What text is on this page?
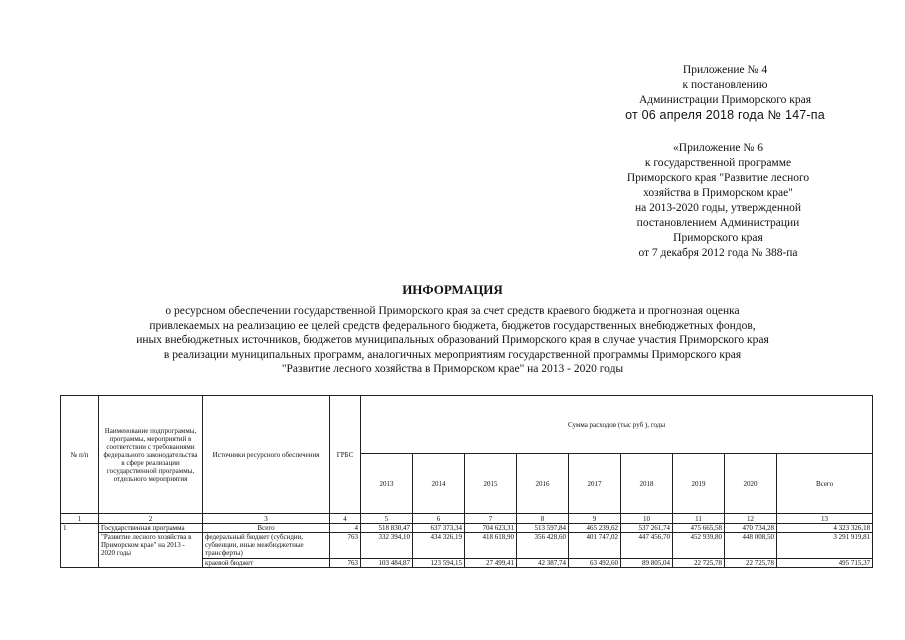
Приложение № 4
к постановлению
Администрации Приморского края
от 06 апреля 2018 года № 147-па
«Приложение № 6
к государственной программе
Приморского края "Развитие лесного
хозяйства в Приморском крае"
на 2013-2020 годы, утвержденной
постановлением Администрации
Приморского края
от 7 декабря 2012 года № 388-па
ИНФОРМАЦИЯ
о ресурсном обеспечении государственной Приморского края за счет средств краевого бюджета и прогнозная оценка
привлекаемых на реализацию ее целей средств федерального бюджета, бюджетов государственных внебюджетных фондов,
иных внебюджетных источников, бюджетов муниципальных образований Приморского края в случае участия Приморского края
в реализации муниципальных программ, аналогичных мероприятиям государственной программы Приморского края
"Развитие лесного хозяйства в Приморском крае" на 2013 - 2020 годы
№ п/п	Наименование подпрограммы, программы, мероприятий в соответствии с требованиями федерального законодательства в сфере реализации государственной программы, отдельного мероприятия	Источники ресурсного обеспечения	ГРБС	Сумма расходов (тыс руб ), годы								
				2013	2014	2015	2016	2017	2018	2019	2020	Всего
1	2	3	4	5	6	7	8	9	10	11	12	13
1	Государственная программа	Всего	4	518 830,47	637 373,34	704 623,31	513 597,84	465 239,62	537 261,74	475 665,58	470 734,28	4 323 326,18
	"Развитие лесного хозяйства в Приморском крае" на 2013 - 2020 годы	федеральный бюджет (субсидии, субвенции, иные межбюджетные трансферты)	763	332 394,10	434 326,19	418 618,90	356 428,60	401 747,02	447 456,70	452 939,80	448 008,50	3 291 919,81
		краевой бюджет	763	103 484,87	123 594,15	27 499,41	42 387,74	63 492,60	89 805,04	22 725,78	22 725,78	495 715,37
